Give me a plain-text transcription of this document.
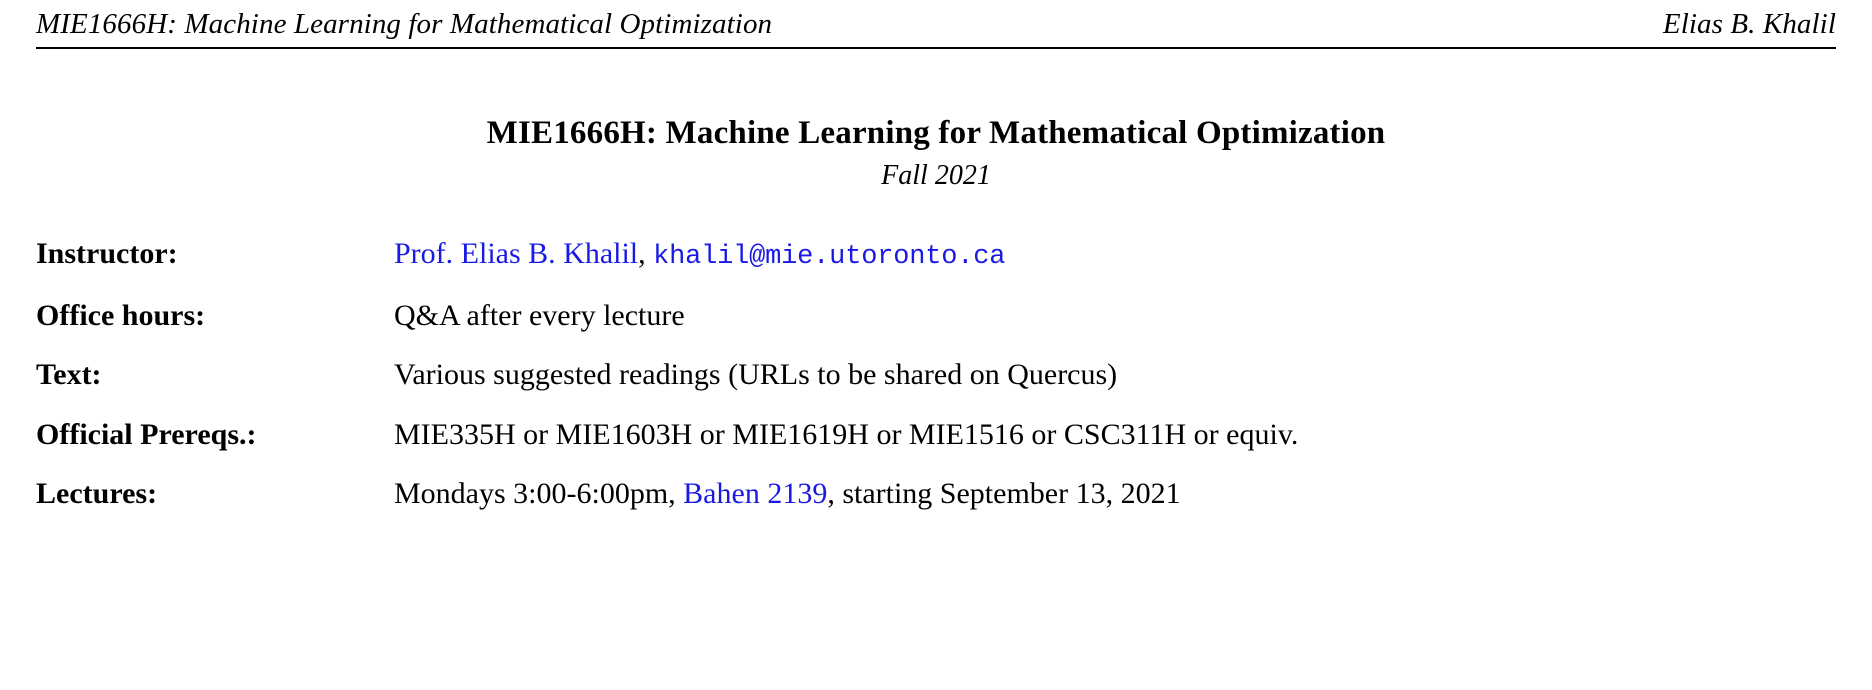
MIE1666H: Machine Learning for Mathematical Optimization	Elias B. Khalil
MIE1666H: Machine Learning for Mathematical Optimization
Fall 2021
Instructor:	Prof. Elias B. Khalil, khalil@mie.utoronto.ca
Office hours:	Q&A after every lecture
Text:	Various suggested readings (URLs to be shared on Quercus)
Official Prereqs.:	MIE335H or MIE1603H or MIE1619H or MIE1516 or CSC311H or equiv.
Lectures:	Mondays 3:00-6:00pm, Bahen 2139, starting September 13, 2021
